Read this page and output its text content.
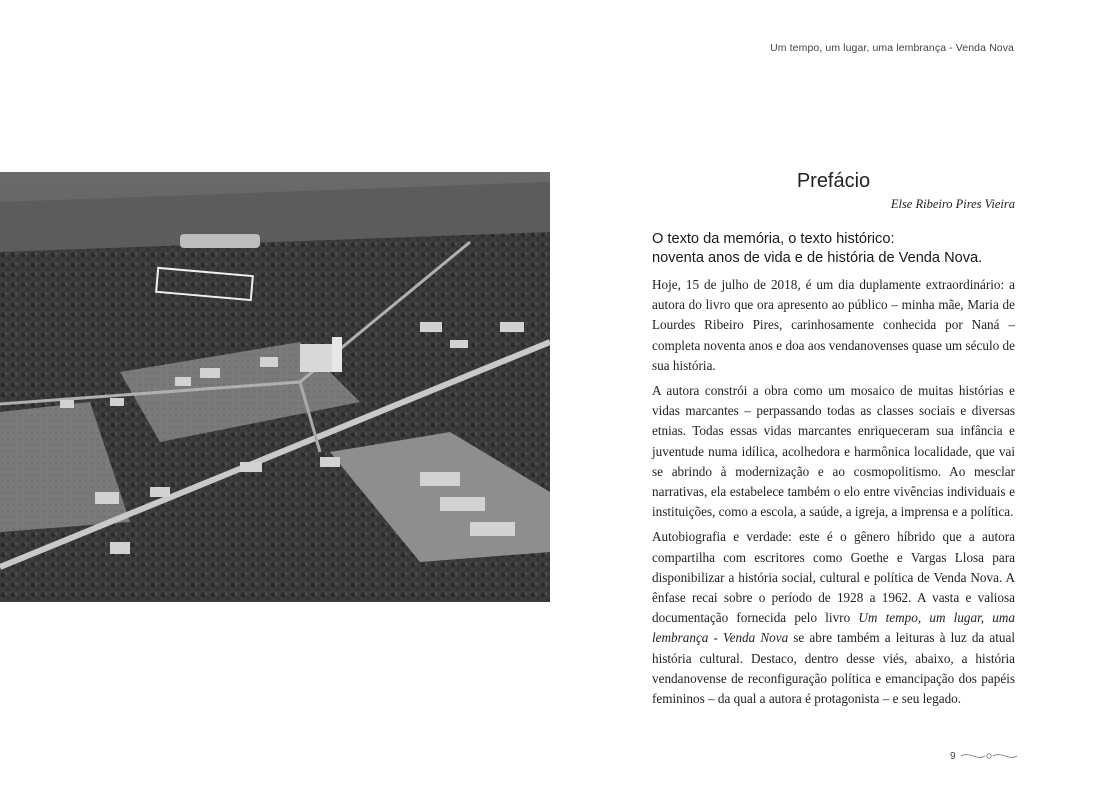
Um tempo, um lugar, uma lembrança - Venda Nova
Prefácio
Else Ribeiro Pires Vieira
O texto da memória, o texto histórico:
noventa anos de vida e de história de Venda Nova.

Hoje, 15 de julho de 2018, é um dia duplamente extraordinário: a autora do livro que ora apresento ao público – minha mãe, Maria de Lourdes Ribeiro Pires, carinhosamente conhecida por Naná – completa noventa anos e doa aos vendanovenses quase um século de sua história.

A autora constrói a obra como um mosaico de muitas histórias e vidas marcantes – perpassando todas as classes sociais e diversas etnias. Todas essas vidas marcantes enriqueceram sua infância e juventude numa idílica, acolhedora e harmônica localidade, que vai se abrindo à modernização e ao cosmopolitismo. Ao mesclar narrativas, ela estabelece também o elo entre vivências individuais e instituições, como a escola, a saúde, a igreja, a imprensa e a política.

Autobiografia e verdade: este é o gênero híbrido que a autora compartilha com escritores como Goethe e Vargas Llosa para disponibilizar a história social, cultural e política de Venda Nova. A ênfase recai sobre o período de 1928 a 1962. A vasta e valiosa documentação fornecida pelo livro Um tempo, um lugar, uma lembrança - Venda Nova se abre também a leituras à luz da atual história cultural. Destaco, dentro desse viés, abaixo, a história vendanovense de reconfiguração política e emancipação dos papéis femininos – da qual a autora é protagonista – e seu legado.

9
